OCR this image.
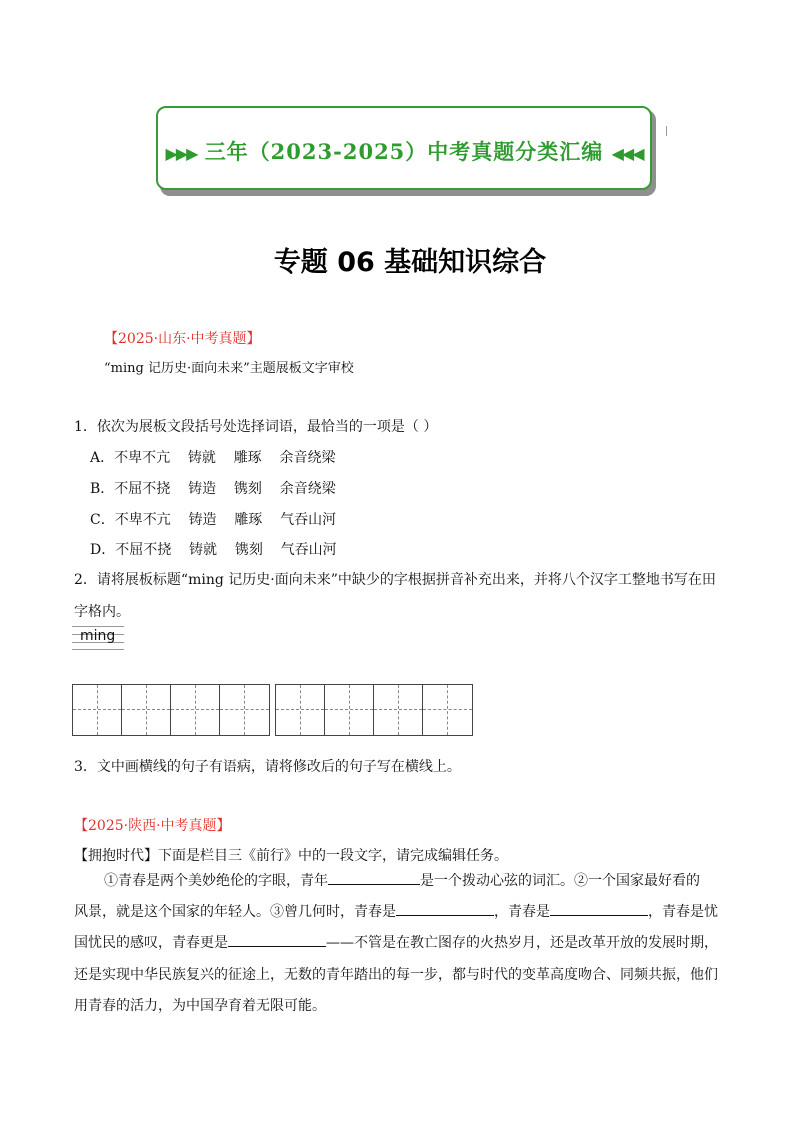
▶▶▶ 三年（2023-2025）中考真题分类汇编 ◀◀◀
专题 06 基础知识综合
【2025·山东·中考真题】
“ming 记历史·面向未来”主题展板文字审校
1．依次为展板文段括号处选择词语，最恰当的一项是（ ）
A．不卑不亢    铸就    雕琢    余音绕梁
B．不屈不挠    铸造    镌刻    余音绕梁
C．不卑不亢    铸造    雕琢    气吞山河
D．不屈不挠    铸就    镌刻    气吞山河
2．请将展板标题“ming 记历史·面向未来”中缺少的字根据拼音补充出来，并将八个汉字工整地书写在田
字格内。
ming
3．文中画横线的句子有语病，请将修改后的句子写在横线上。
【2025·陕西·中考真题】
【拥抱时代】下面是栏目三《前行》中的一段文字，请完成编辑任务。
①青春是两个美妙绝伦的字眼，青年	是一个拨动心弦的词汇。②一个国家最好看的
风景，就是这个国家的年轻人。③曾几何时，青春是	，青春是	，青春是忧
国忧民的感叹，青春更是	——不管是在教亡图存的火热岁月，还是改革开放的发展时期，
还是实现中华民族复兴的征途上，无数的青年踏出的每一步，都与时代的变革高度吻合、同频共振，他们
用青春的活力，为中国孕育着无限可能。
